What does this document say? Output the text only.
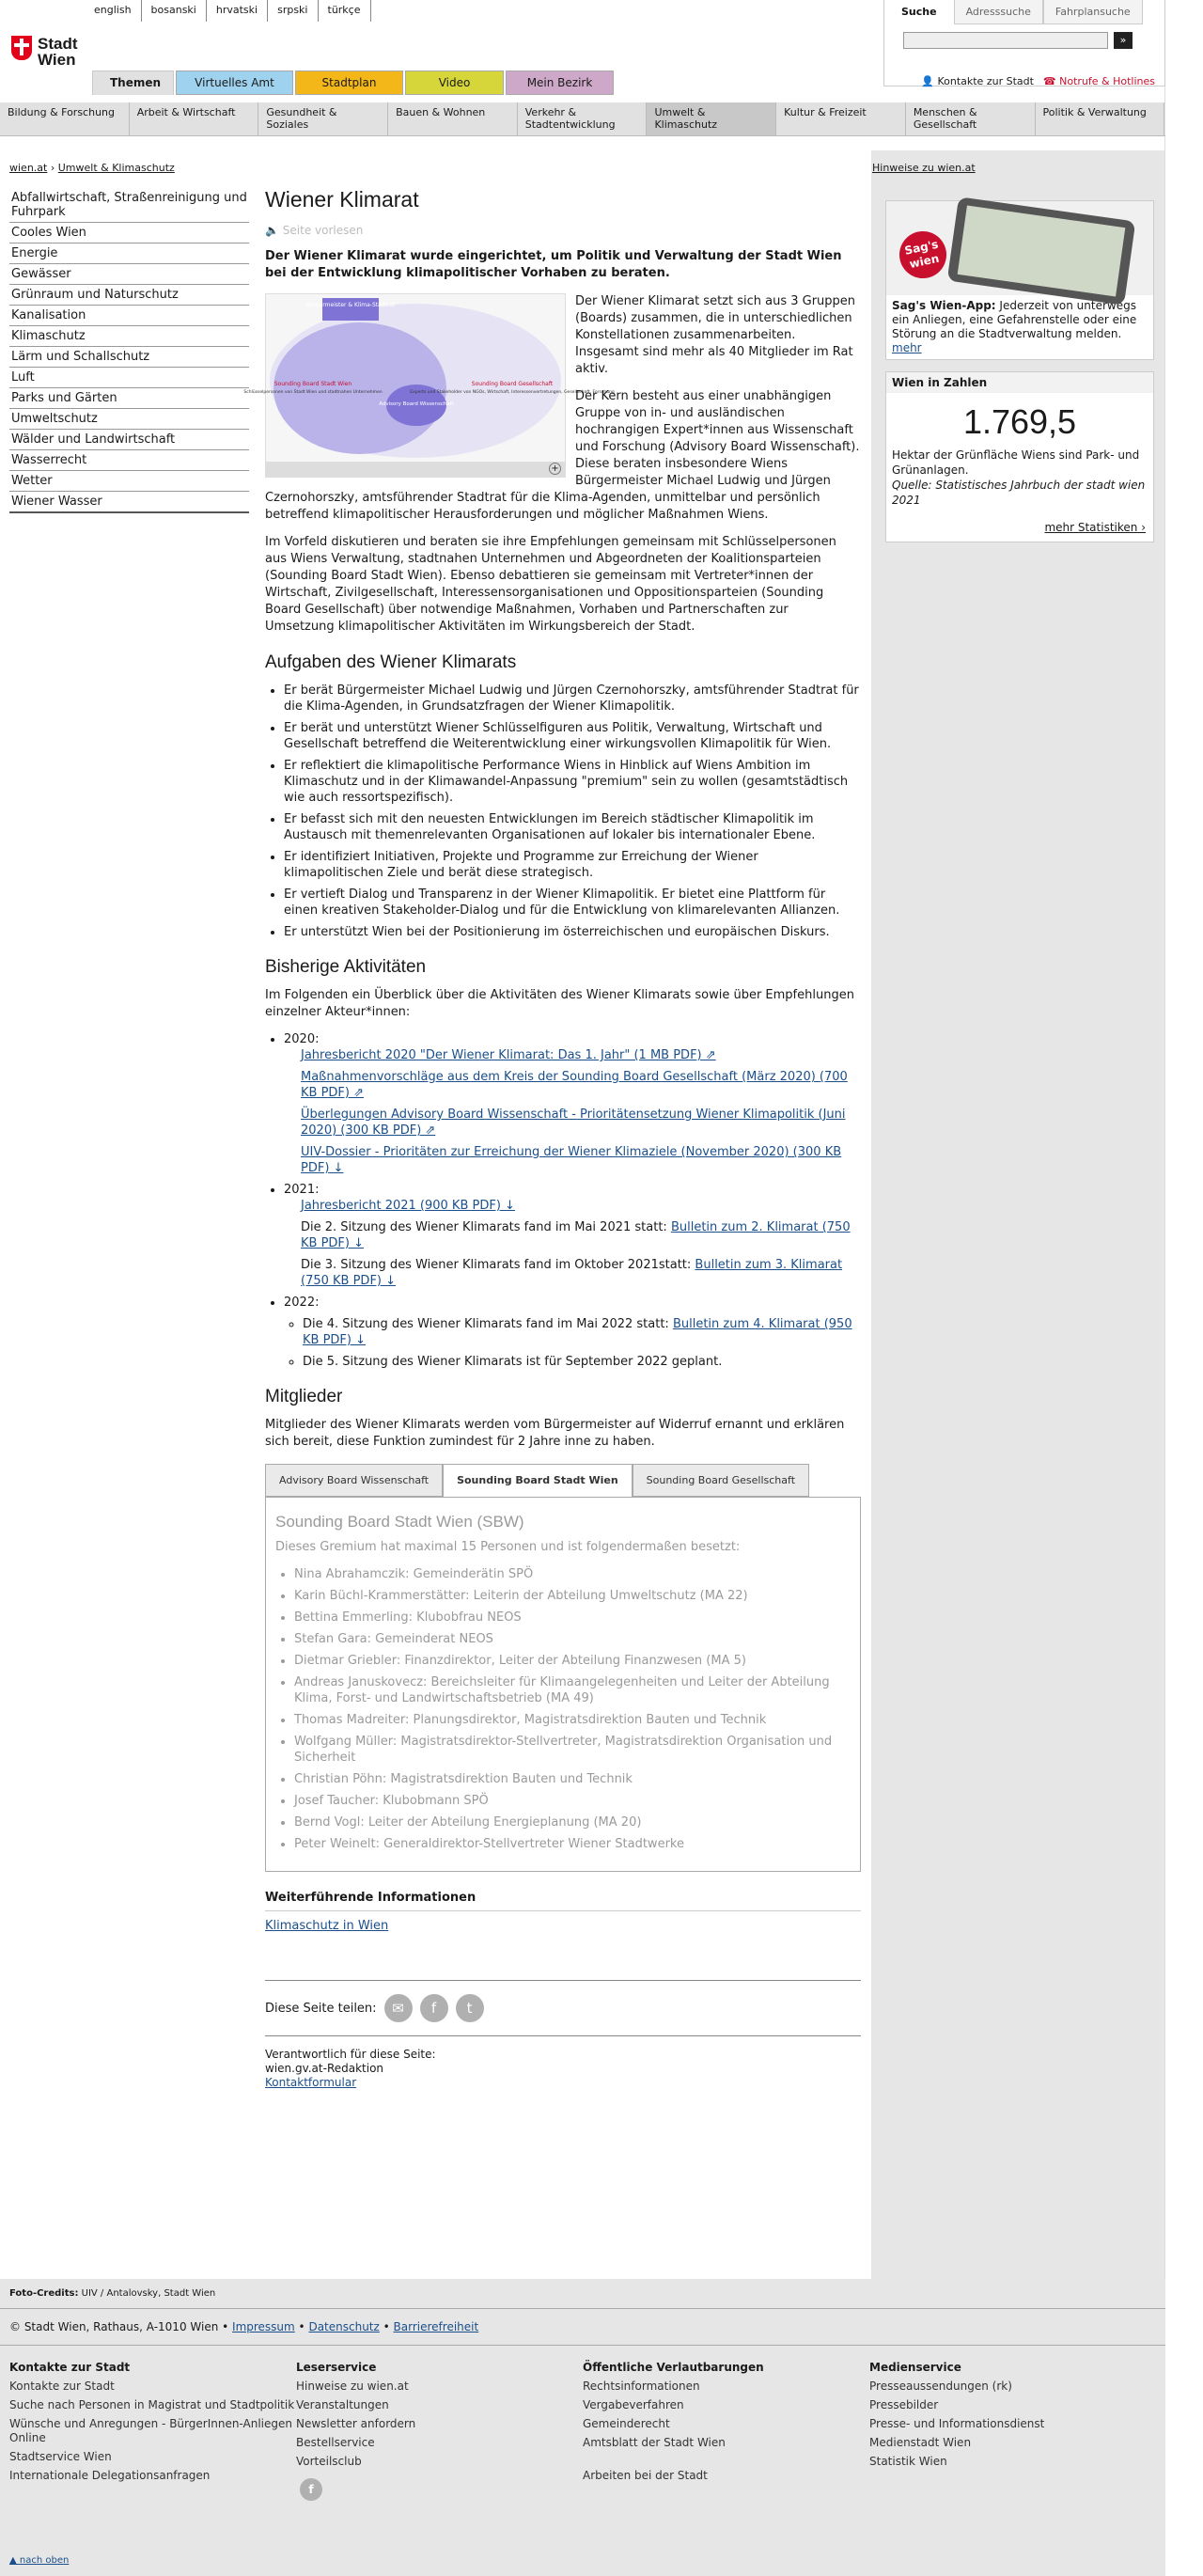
english	bosanski	hrvatski	srpski	türkçe
Stadt
Wien
Suche	Adresssuche	Fahrplansuche
»
Themen	Virtuelles Amt	Stadtplan	Video	Mein Bezirk	👤 Kontakte zur Stadt ☎ Notrufe & Hotlines
Bildung & Forschung	Arbeit & Wirtschaft	Gesundheit & Soziales
Bauen & Wohnen	Verkehr & Stadtentwicklung
Umwelt & Klimaschutz
Kultur & Freizeit	Menschen & Gesellschaft
Politik & Verwaltung
wien.at › Umwelt & Klimaschutz	Hinweise zu wien.at
Abfallwirtschaft, Straßenreinigung und Fuhrpark
Cooles Wien
Energie
Gewässer
Grünraum und Naturschutz
Kanalisation
Klimaschutz
Lärm und Schallschutz
Luft
Parks und Gärten
Umweltschutz
Wälder und Landwirtschaft
Wasserrecht
Wetter
Wiener Wasser
Wiener Klimarat
🔈 Seite vorlesen
Der Wiener Klimarat wurde eingerichtet, um Politik und Verwaltung der Stadt Wien bei der Entwicklung klimapolitischer Vorhaben zu beraten.
Bürgermeister & Klima-Stadtrat
Sounding Board Stadt Wien
Schlüsselpersonen von Stadt Wien und stadtnahen Unternehmen
Advisory Board Wissenschaft
Sounding Board Gesellschaft
Experts und Stakeholder von NGOs, Wirtschaft, Interessenvertretungen, Gesellschaft, Forschung
+

Der Wiener Klimarat setzt sich aus 3 Gruppen (Boards) zusammen, die in unterschiedlichen Konstellationen zusammenarbeiten. Insgesamt sind mehr als 40 Mitglieder im Rat aktiv.

Der Kern besteht aus einer unabhängigen Gruppe von in- und ausländischen hochrangigen Expert*innen aus Wissenschaft und Forschung (Advisory Board Wissenschaft). Diese beraten insbesondere Wiens Bürgermeister Michael Ludwig und Jürgen Czernohorszky, amtsführender Stadtrat für die Klima-Agenden, unmittelbar und persönlich betreffend klimapolitischer Herausforderungen und möglicher Maßnahmen Wiens.

Im Vorfeld diskutieren und beraten sie ihre Empfehlungen gemeinsam mit Schlüsselpersonen aus Wiens Verwaltung, stadtnahen Unternehmen und Abgeordneten der Koalitionsparteien (Sounding Board Stadt Wien). Ebenso debattieren sie gemeinsam mit Vertreter*innen der Wirtschaft, Zivilgesellschaft, Interessensorganisationen und Oppositionsparteien (Sounding Board Gesellschaft) über notwendige Maßnahmen, Vorhaben und Partnerschaften zur Umsetzung klimapolitischer Aktivitäten im Wirkungsbereich der Stadt.

Aufgaben des Wiener Klimarats
• Er berät Bürgermeister Michael Ludwig und Jürgen Czernohorszky, amtsführender Stadtrat für die Klima-Agenden, in Grundsatzfragen der Wiener Klimapolitik.
• Er berät und unterstützt Wiener Schlüsselfiguren aus Politik, Verwaltung, Wirtschaft und Gesellschaft betreffend die Weiterentwicklung einer wirkungsvollen Klimapolitik für Wien.
• Er reflektiert die klimapolitische Performance Wiens in Hinblick auf Wiens Ambition im Klimaschutz und in der Klimawandel-Anpassung "premium" sein zu wollen (gesamtstädtisch wie auch ressortspezifisch).
• Er befasst sich mit den neuesten Entwicklungen im Bereich städtischer Klimapolitik im Austausch mit themenrelevanten Organisationen auf lokaler bis internationaler Ebene.
• Er identifiziert Initiativen, Projekte und Programme zur Erreichung der Wiener klimapolitischen Ziele und berät diese strategisch.
• Er vertieft Dialog und Transparenz in der Wiener Klimapolitik. Er bietet eine Plattform für einen kreativen Stakeholder-Dialog und für die Entwicklung von klimarelevanten Allianzen.
• Er unterstützt Wien bei der Positionierung im österreichischen und europäischen Diskurs.
Bisherige Aktivitäten

Im Folgenden ein Überblick über die Aktivitäten des Wiener Klimarats sowie über Empfehlungen einzelner Akteur*innen:

• 2020:
Jahresbericht 2020 "Der Wiener Klimarat: Das 1. Jahr" (1 MB PDF) ⇗
Maßnahmenvorschläge aus dem Kreis der Sounding Board Gesellschaft (März 2020) (700 KB PDF) ⇗
Überlegungen Advisory Board Wissenschaft - Prioritätensetzung Wiener Klimapolitik (Juni 2020) (300 KB PDF) ⇗
UIV-Dossier - Prioritäten zur Erreichung der Wiener Klimaziele (November 2020) (300 KB PDF) ↓
• 2021:
Jahresbericht 2021 (900 KB PDF) ↓
Die 2. Sitzung des Wiener Klimarats fand im Mai 2021 statt: Bulletin zum 2. Klimarat (750 KB PDF) ↓
Die 3. Sitzung des Wiener Klimarats fand im Oktober 2021statt: Bulletin zum 3. Klimarat (750 KB PDF) ↓
• 2022:
◦ Die 4. Sitzung des Wiener Klimarats fand im Mai 2022 statt: Bulletin zum 4. Klimarat (950 KB PDF) ↓
◦ Die 5. Sitzung des Wiener Klimarats ist für September 2022 geplant.
Mitglieder

Mitglieder des Wiener Klimarats werden vom Bürgermeister auf Widerruf ernannt und erklären sich bereit, diese Funktion zumindest für 2 Jahre inne zu haben.

Advisory Board Wissenschaft	Sounding Board Stadt Wien	Sounding Board Gesellschaft
Sounding Board Stadt Wien (SBW)

Dieses Gremium hat maximal 15 Personen und ist folgendermaßen besetzt:

• Nina Abrahamczik: Gemeinderätin SPÖ
• Karin Büchl-Krammerstätter: Leiterin der Abteilung Umweltschutz (MA 22)
• Bettina Emmerling: Klubobfrau NEOS
• Stefan Gara: Gemeinderat NEOS
• Dietmar Griebler: Finanzdirektor, Leiter der Abteilung Finanzwesen (MA 5)
• Andreas Januskovecz: Bereichsleiter für Klimaangelegenheiten und Leiter der Abteilung Klima, Forst- und Landwirtschaftsbetrieb (MA 49)
• Thomas Madreiter: Planungsdirektor, Magistratsdirektion Bauten und Technik
• Wolfgang Müller: Magistratsdirektor-Stellvertreter, Magistratsdirektion Organisation und Sicherheit
• Christian Pöhn: Magistratsdirektion Bauten und Technik
• Josef Taucher: Klubobmann SPÖ
• Bernd Vogl: Leiter der Abteilung Energieplanung (MA 20)
• Peter Weinelt: Generaldirektor-Stellvertreter Wiener Stadtwerke
Weiterführende Informationen
Klimaschutz in Wien
Diese Seite teilen:	✉	f	t
Verantwortlich für diese Seite:
wien.gv.at-Redaktion
Kontaktformular
Sag's wien
Sag's Wien-App: Jederzeit von unterwegs ein Anliegen, eine Gefahrenstelle oder eine Störung an die Stadtverwaltung melden. mehr
Wien in Zahlen
1.769,5
Hektar der Grünfläche Wiens sind Park- und Grünanlagen.
Quelle: Statistisches Jahrbuch der stadt wien 2021
mehr Statistiken ›
Foto-Credits: UIV / Antalovsky, Stadt Wien
© Stadt Wien, Rathaus, A-1010 Wien • Impressum • Datenschutz • Barrierefreiheit
Kontakte zur Stadt
Kontakte zur Stadt
Suche nach Personen in Magistrat und Stadtpolitik
Wünsche und Anregungen - BürgerInnen-Anliegen Online
Stadtservice Wien
Internationale Delegationsanfragen
Leserservice
Hinweise zu wien.at
Veranstaltungen
Newsletter anfordern
Bestellservice
Vorteilsclub
f
Öffentliche Verlautbarungen
Rechtsinformationen
Vergabeverfahren
Gemeinderecht
Amtsblatt der Stadt Wien
Arbeiten bei der Stadt
Medienservice
Presseaussendungen (rk)
Pressebilder
Presse- und Informationsdienst
Medienstadt Wien
Statistik Wien
▲ nach oben
